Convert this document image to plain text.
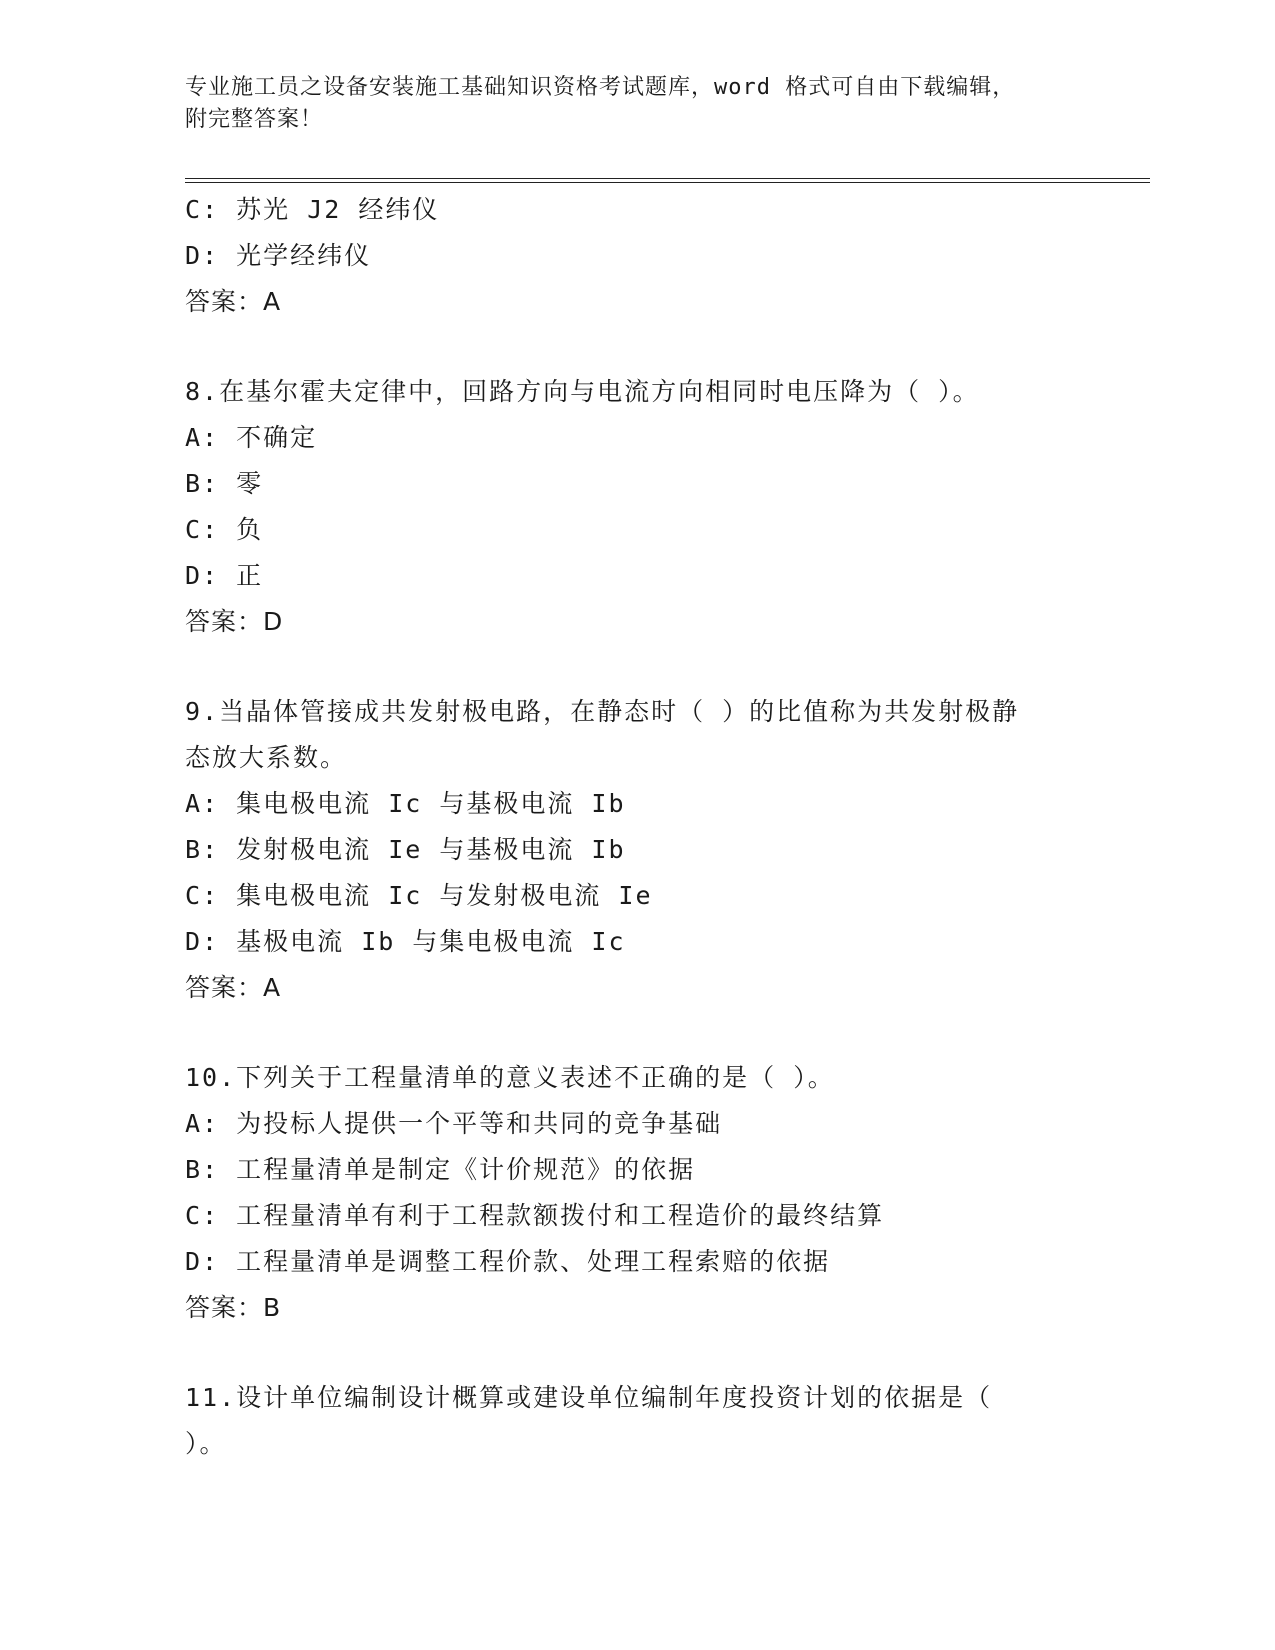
专业施工员之设备安装施工基础知识资格考试题库，word 格式可自由下载编辑，
附完整答案！
C: 苏光 J2 经纬仪
D: 光学经纬仪
答案：A
8.在基尔霍夫定律中，回路方向与电流方向相同时电压降为（ ）。
A: 不确定
B: 零
C: 负
D: 正
答案：D
9.当晶体管接成共发射极电路，在静态时（ ）的比值称为共发射极静
态放大系数。
A: 集电极电流 Ic 与基极电流 Ib
B: 发射极电流 Ie 与基极电流 Ib
C: 集电极电流 Ic 与发射极电流 Ie
D: 基极电流 Ib 与集电极电流 Ic
答案：A
10.下列关于工程量清单的意义表述不正确的是（ ）。
A: 为投标人提供一个平等和共同的竞争基础
B: 工程量清单是制定《计价规范》的依据
C: 工程量清单有利于工程款额拨付和工程造价的最终结算
D: 工程量清单是调整工程价款、处理工程索赔的依据
答案：B
11.设计单位编制设计概算或建设单位编制年度投资计划的依据是（
）。
